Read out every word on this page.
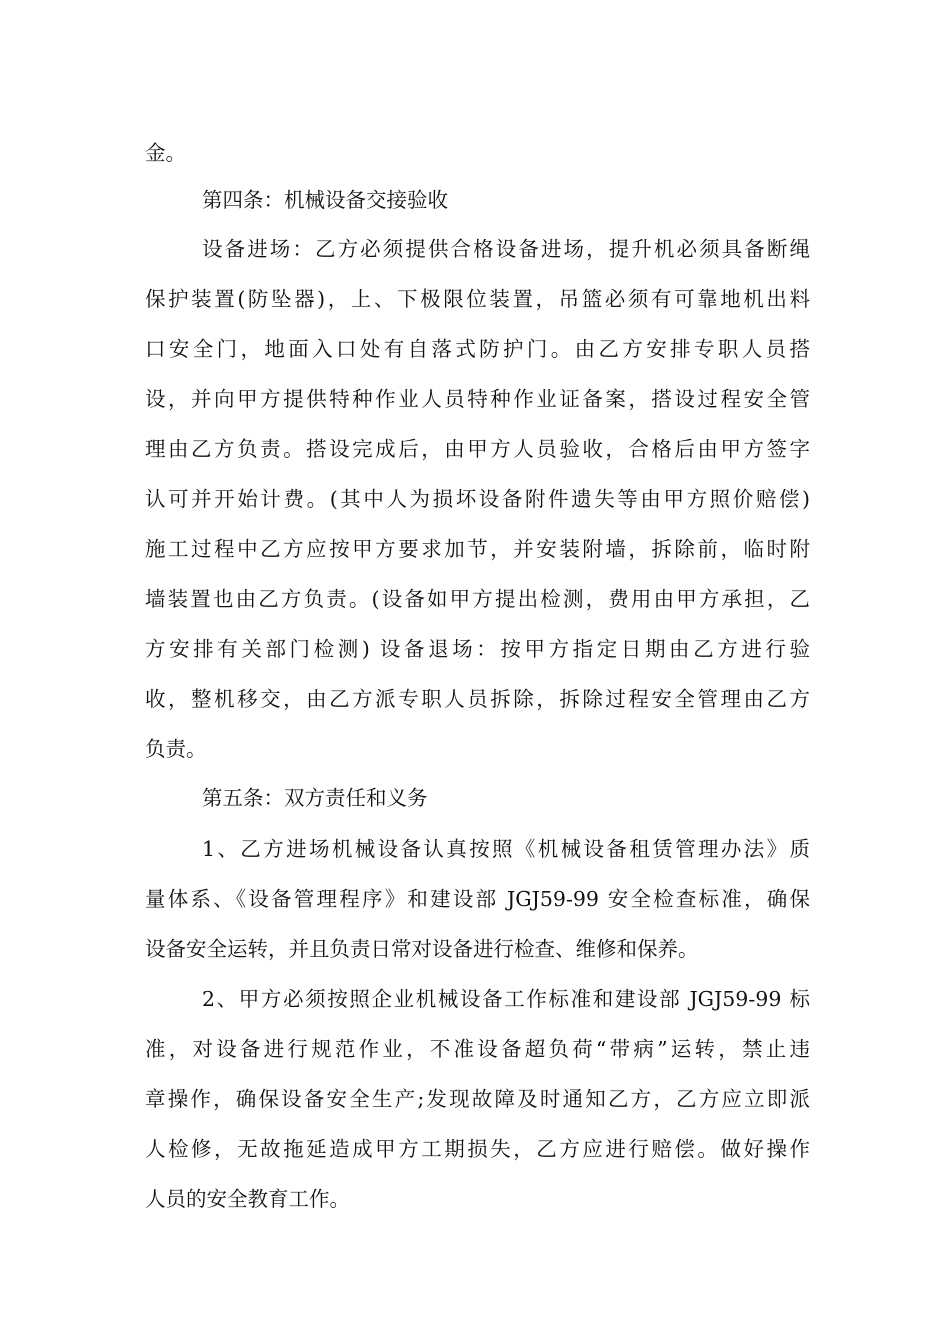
金。
第四条：机械设备交接验收
设备进场：乙方必须提供合格设备进场，提升机必须具备断绳
保护装置(防坠器)，上、下极限位装置，吊篮必须有可靠地机出料
口安全门，地面入口处有自落式防护门。由乙方安排专职人员搭
设，并向甲方提供特种作业人员特种作业证备案，搭设过程安全管
理由乙方负责。搭设完成后，由甲方人员验收，合格后由甲方签字
认可并开始计费。(其中人为损坏设备附件遗失等由甲方照价赔偿)
施工过程中乙方应按甲方要求加节，并安装附墙，拆除前，临时附
墙装置也由乙方负责。(设备如甲方提出检测，费用由甲方承担，乙
方安排有关部门检测) 设备退场：按甲方指定日期由乙方进行验
收，整机移交，由乙方派专职人员拆除，拆除过程安全管理由乙方
负责。
第五条：双方责任和义务
1、乙方进场机械设备认真按照《机械设备租赁管理办法》质
量体系、《设备管理程序》和建设部 JGJ59-99 安全检查标准，确保
设备安全运转，并且负责日常对设备进行检查、维修和保养。
2、甲方必须按照企业机械设备工作标准和建设部 JGJ59-99 标
准，对设备进行规范作业，不准设备超负荷“带病”运转，禁止违
章操作，确保设备安全生产;发现故障及时通知乙方，乙方应立即派
人检修，无故拖延造成甲方工期损失，乙方应进行赔偿。做好操作
人员的安全教育工作。
